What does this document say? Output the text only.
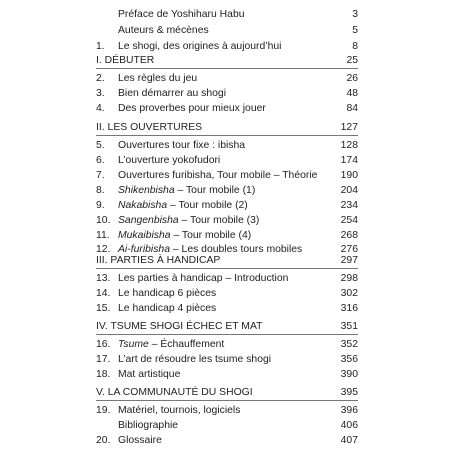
Préface de Yoshiharu Habu	3
Auteurs & mécènes	5
1. Le shogi, des origines à aujourd’hui	8
I. DÉBUTER	25
2. Les règles du jeu	26
3. Bien démarrer au shogi	48
4. Des proverbes pour mieux jouer	84
II. LES OUVERTURES	127
5. Ouvertures tour fixe : ibisha	128
6. L’ouverture yokofudori	174
7. Ouvertures furibisha, Tour mobile – Théorie 190
8. Shikenbisha – Tour mobile (1)	204
9. Nakabisha – Tour mobile (2)	234
10. Sangenbisha – Tour mobile (3)	254
11. Mukaibisha – Tour mobile (4)	268
12. Ai-furibisha – Les doubles tours mobiles	276
III. PARTIES À HANDICAP	297
13. Les parties à handicap – Introduction	298
14. Le handicap 6 pièces	302
15. Le handicap 4 pièces	316
IV. TSUME SHOGI ÉCHEC ET MAT	351
16. Tsume – Échauffement	352
17. L’art de résoudre les tsume shogi	356
18. Mat artistique	390
V. LA COMMUNAUTÉ DU SHOGI	395
19. Matériel, tournois, logiciels	396
Bibliographie	406
20. Glossaire	407
